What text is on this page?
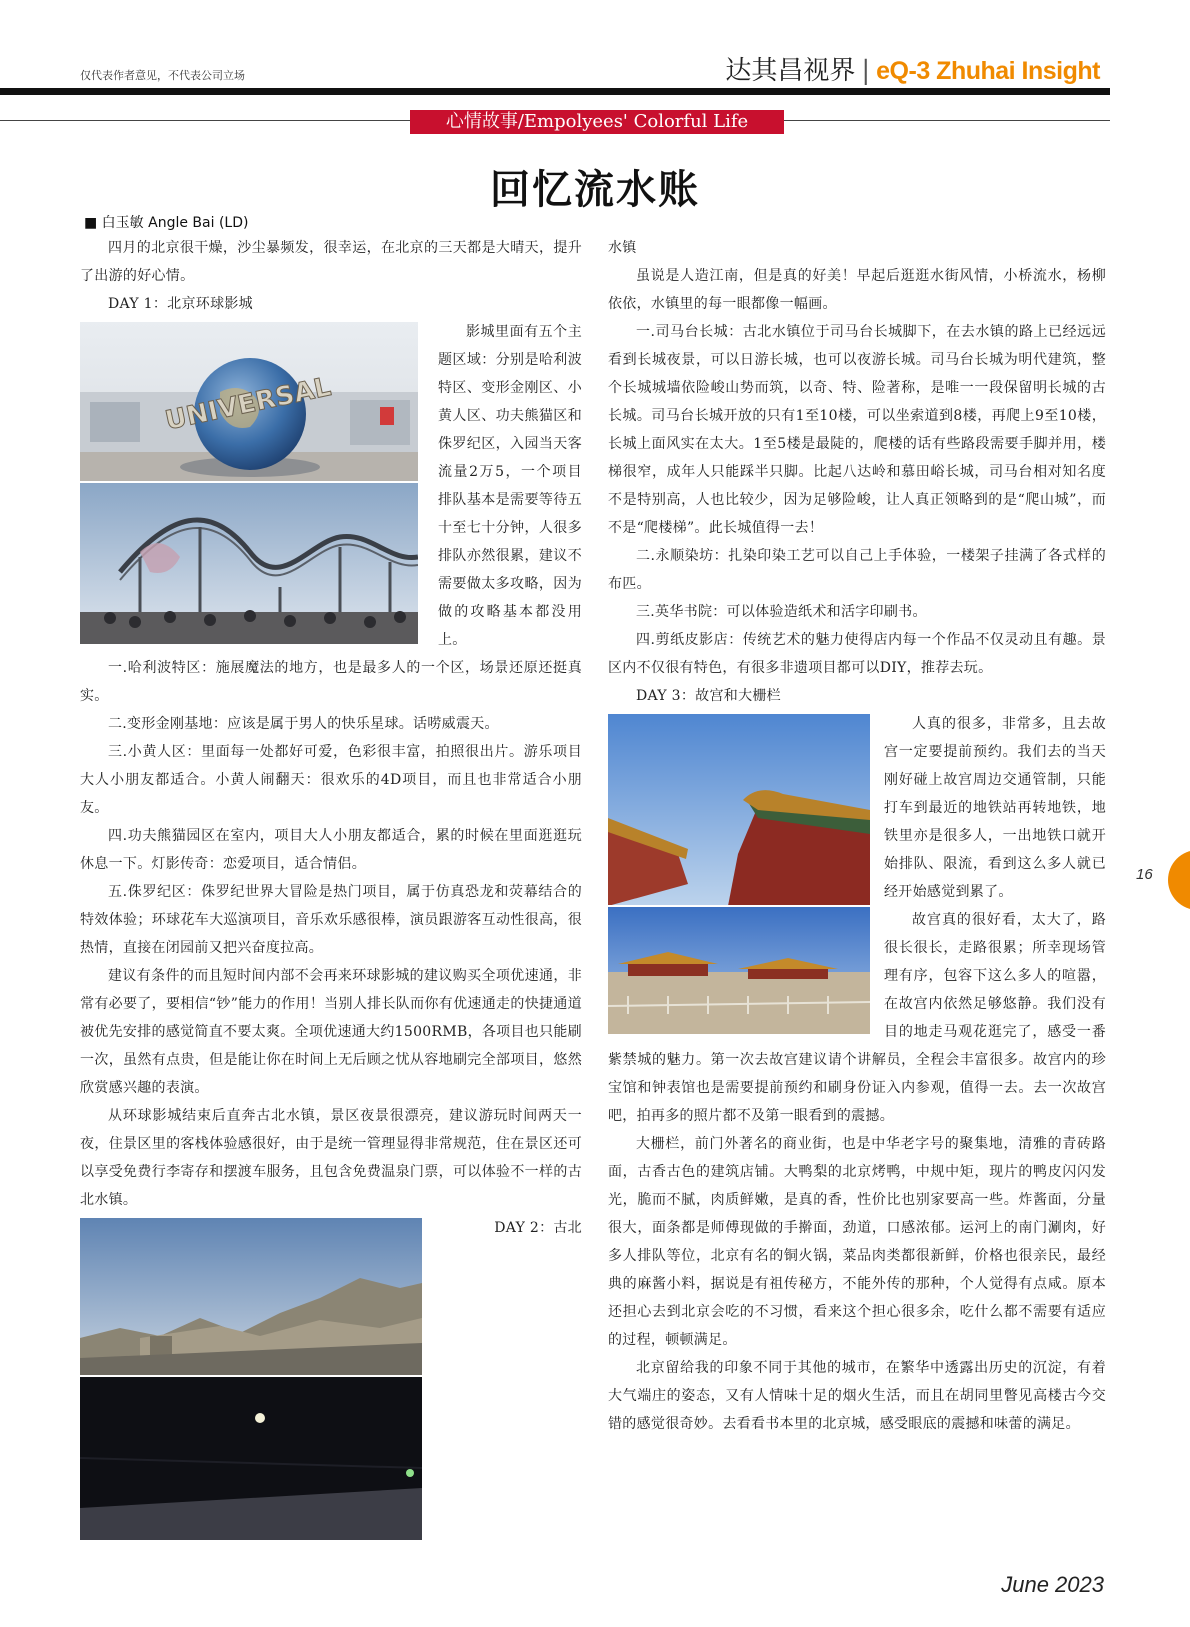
仅代表作者意见，不代表公司立场	达其昌视界 | eQ-3 Zhuhai Insight
心情故事/Empolyees' Colorful Life
回忆流水账
■ 白玉敏 Angle Bai (LD)

四月的北京很干燥，沙尘暴频发，很幸运，在北京的三天都是大晴天，提升了出游的好心情。

DAY 1：北京环球影城

UNIVERSAL

影城里面有五个主题区域：分别是哈利波特区、变形金刚区、小黄人区、功夫熊猫区和侏罗纪区，入园当天客流量2万5，一个项目排队基本是需要等待五十至七十分钟，人很多排队亦然很累，建议不需要做太多攻略，因为做的攻略基本都没用上。

一.哈利波特区：施展魔法的地方，也是最多人的一个区，场景还原还挺真实。

二.变形金刚基地：应该是属于男人的快乐星球。话唠威震天。

三.小黄人区：里面每一处都好可爱，色彩很丰富，拍照很出片。游乐项目大人小朋友都适合。小黄人闹翻天：很欢乐的4D项目，而且也非常适合小朋友。

四.功夫熊猫园区在室内，项目大人小朋友都适合，累的时候在里面逛逛玩休息一下。灯影传奇：恋爱项目，适合情侣。

五.侏罗纪区：侏罗纪世界大冒险是热门项目，属于仿真恐龙和荧幕结合的特效体验；环球花车大巡演项目，音乐欢乐感很棒，演员跟游客互动性很高，很热情，直接在闭园前又把兴奋度拉高。

建议有条件的而且短时间内部不会再来环球影城的建议购买全项优速通，非常有必要了，要相信“钞”能力的作用！当别人排长队而你有优速通走的快捷通道被优先安排的感觉简直不要太爽。全项优速通大约1500RMB，各项目也只能刷一次，虽然有点贵，但是能让你在时间上无后顾之忧从容地刷完全部项目，悠然欣赏感兴趣的表演。

从环球影城结束后直奔古北水镇，景区夜景很漂亮，建议游玩时间两天一夜，住景区里的客栈体验感很好，由于是统一管理显得非常规范，住在景区还可以享受免费行李寄存和摆渡车服务，且包含免费温泉门票，可以体验不一样的古北水镇。

DAY 2：古北

水镇

虽说是人造江南，但是真的好美！早起后逛逛水街风情，小桥流水，杨柳依依，水镇里的每一眼都像一幅画。

一.司马台长城：古北水镇位于司马台长城脚下，在去水镇的路上已经远远看到长城夜景，可以日游长城，也可以夜游长城。司马台长城为明代建筑，整个长城城墙依险峻山势而筑，以奇、特、险著称，是唯一一段保留明长城的古长城。司马台长城开放的只有1至10楼，可以坐索道到8楼，再爬上9至10楼，长城上面风实在太大。1至5楼是最陡的，爬楼的话有些路段需要手脚并用，楼梯很窄，成年人只能踩半只脚。比起八达岭和慕田峪长城，司马台相对知名度不是特别高，人也比较少，因为足够险峻，让人真正领略到的是“爬山城”，而不是“爬楼梯”。此长城值得一去！

二.永顺染坊：扎染印染工艺可以自己上手体验，一楼架子挂满了各式样的布匹。

三.英华书院：可以体验造纸术和活字印刷书。

四.剪纸皮影店：传统艺术的魅力使得店内每一个作品不仅灵动且有趣。景区内不仅很有特色，有很多非遗项目都可以DIY，推荐去玩。

DAY 3：故宫和大栅栏

人真的很多，非常多，且去故宫一定要提前预约。我们去的当天刚好碰上故宫周边交通管制，只能打车到最近的地铁站再转地铁，地铁里亦是很多人，一出地铁口就开始排队、限流，看到这么多人就已经开始感觉到累了。

故宫真的很好看，太大了，路很长很长，走路很累；所幸现场管理有序，包容下这么多人的喧嚣，在故宫内依然足够悠静。我们没有目的地走马观花逛完了，感受一番紫禁城的魅力。第一次去故宫建议请个讲解员，全程会丰富很多。故宫内的珍宝馆和钟表馆也是需要提前预约和刷身份证入内参观，值得一去。去一次故宫吧，拍再多的照片都不及第一眼看到的震撼。

大栅栏，前门外著名的商业街，也是中华老字号的聚集地，清雅的青砖路面，古香古色的建筑店铺。大鸭梨的北京烤鸭，中规中矩，现片的鸭皮闪闪发光，脆而不腻，肉质鲜嫩，是真的香，性价比也别家要高一些。炸酱面，分量很大，面条都是师傅现做的手擀面，劲道，口感浓郁。运河上的南门涮肉，好多人排队等位，北京有名的铜火锅，菜品肉类都很新鲜，价格也很亲民，最经典的麻酱小料，据说是有祖传秘方，不能外传的那种，个人觉得有点咸。原本还担心去到北京会吃的不习惯，看来这个担心很多余，吃什么都不需要有适应的过程，顿顿满足。

北京留给我的印象不同于其他的城市，在繁华中透露出历史的沉淀，有着大气端庄的姿态，又有人情味十足的烟火生活，而且在胡同里瞥见高楼古今交错的感觉很奇妙。去看看书本里的北京城，感受眼底的震撼和味蕾的满足。

16
June 2023
